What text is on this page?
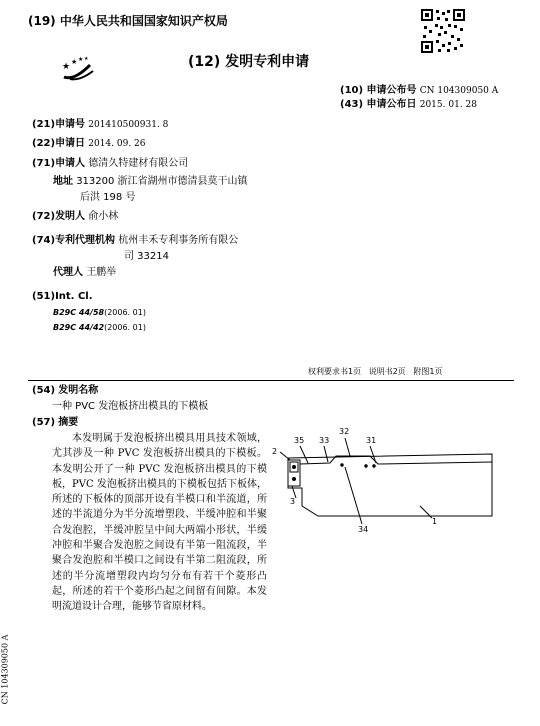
(19) 中华人民共和国国家知识产权局
★ ★ ★ ★	(12) 发明专利申请
(10) 申请公布号 CN 104309050 A
(43) 申请公布日 2015. 01. 28
(21)申请号 201410500931. 8
(22)申请日 2014. 09. 26
(71)申请人 德清久特建材有限公司
地址 313200 浙江省湖州市德清县莫干山镇
后洪 198 号
(72)发明人 俞小林
(74)专利代理机构 杭州丰禾专利事务所有限公
司 33214
代理人 王鹏举
(51)Int. Cl.
B29C 44/58(2006. 01)
B29C 44/42(2006. 01)
权利要求书1页   说明书2页   附图1页
(54) 发明名称
一种 PVC 发泡板挤出模具的下模板
(57) 摘要
本发明属于发泡板挤出模具用具技术领域，尤其涉及一种 PVC 发泡板挤出模具的下模板。本发明公开了一种 PVC 发泡板挤出模具的下模板，PVC 发泡板挤出模具的下模板包括下板体，所述的下板体的顶部开设有半模口和半流道，所述的半流道分为半分流增塑段、半缓冲腔和半聚合发泡腔，半缓冲腔呈中间大两端小形状，半缓冲腔和半聚合发泡腔之间设有半第一阻流段，半聚合发泡腔和半模口之间设有半第二阻流段，所述的半分流增塑段内均匀分布有若干个菱形凸起，所述的若干个菱形凸起之间留有间隙。本发明流道设计合理，能够节省原材料。
2
35 33
32
31
3
34
1
CN 104309050 A
